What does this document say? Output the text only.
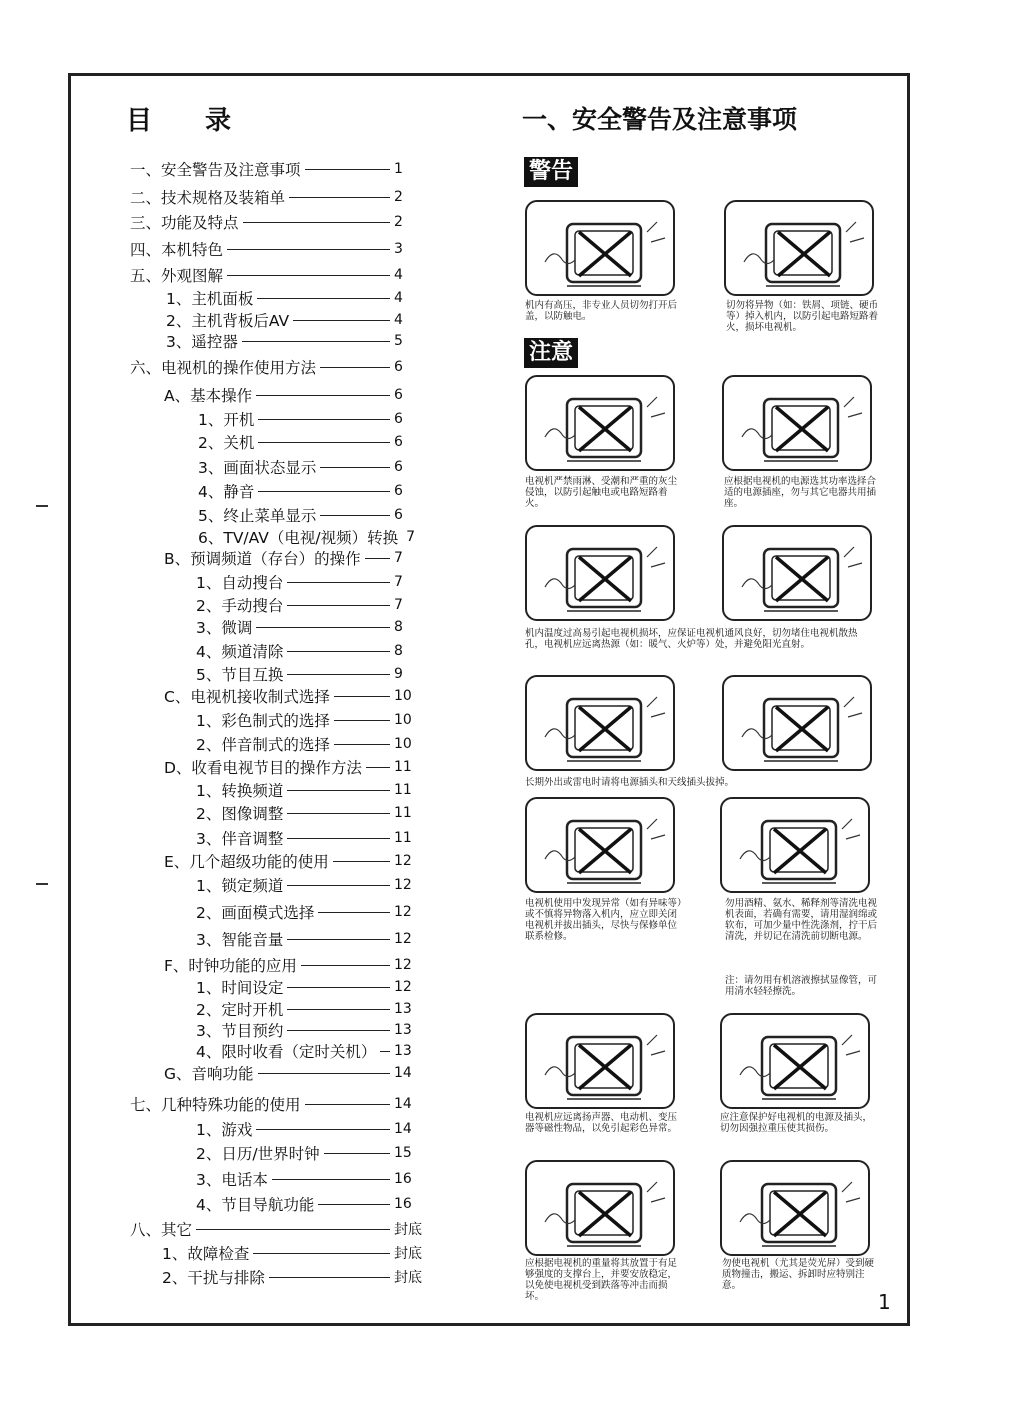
目 录
一、安全警告及注意事项	1
二、技术规格及装箱单	2
三、功能及特点	2
四、本机特色	3
五、外观图解	4
1、主机面板	4
2、主机背板后AV	4
3、遥控器	5
六、电视机的操作使用方法	6
A、基本操作	6
1、开机	6
2、关机	6
3、画面状态显示	6
4、静音	6
5、终止菜单显示	6
6、TV/AV（电视/视频）转换 7
B、预调频道（存台）的操作 7
1、自动搜台	7
2、手动搜台	7
3、微调	8
4、频道清除	8
5、节目互换	9
C、电视机接收制式选择	10
1、彩色制式的选择	10
2、伴音制式的选择	10
D、收看电视节目的操作方法 11
1、转换频道	11
2、图像调整	11
3、伴音调整	11
E、几个超级功能的使用	12
1、锁定频道	12
2、画面模式选择	12
3、智能音量	12
F、时钟功能的应用	12
1、时间设定	12
2、定时开机	13
3、节目预约	13
4、限时收看（定时关机） 13
G、音响功能	14
七、几种特殊功能的使用	14
1、游戏	14
2、日历/世界时钟	15
3、电话本	16
4、节目导航功能	16
八、其它	封底
1、故障检查	封底
2、干扰与排除	封底
一、安全警告及注意事项
警告
注意
机内有高压，非专业人员切勿打开后盖，以防触电。
切勿将异物（如：铁屑、项链、硬币等）掉入机内，以防引起电路短路着火，损坏电视机。
电视机严禁雨淋、受潮和严重的灰尘侵蚀，以防引起触电或电路短路着火。
应根据电视机的电源选其功率选择合适的电源插座，勿与其它电器共用插座。
机内温度过高易引起电视机损坏，应保证电视机通风良好，切勿堵住电视机散热孔，电视机应远离热源（如：暖气、火炉等）处，并避免阳光直射。
长期外出或雷电时请将电源插头和天线插头拔掉。
电视机使用中发现异常（如有异味等）或不慎将异物落入机内，应立即关闭电视机并拔出插头，尽快与保修单位联系检修。
勿用酒精、氨水、稀释剂等清洗电视机表面，若确有需要，请用湿润绵或软布，可加少量中性洗涤剂，拧干后清洗，并切记在清洗前切断电源。
注：请勿用有机溶液擦拭显像管，可用清水轻轻擦洗。
电视机应远离扬声器、电动机、变压器等磁性物品，以免引起彩色异常。
应注意保护好电视机的电源及插头，切勿因强拉重压使其损伤。
应根据电视机的重量将其放置于有足够强度的支撑台上，并要安放稳定，以免使电视机受到跌落等冲击而损坏。
勿使电视机（尤其是荧光屏）受到硬质物撞击，搬运、拆卸时应特别注意。
1
